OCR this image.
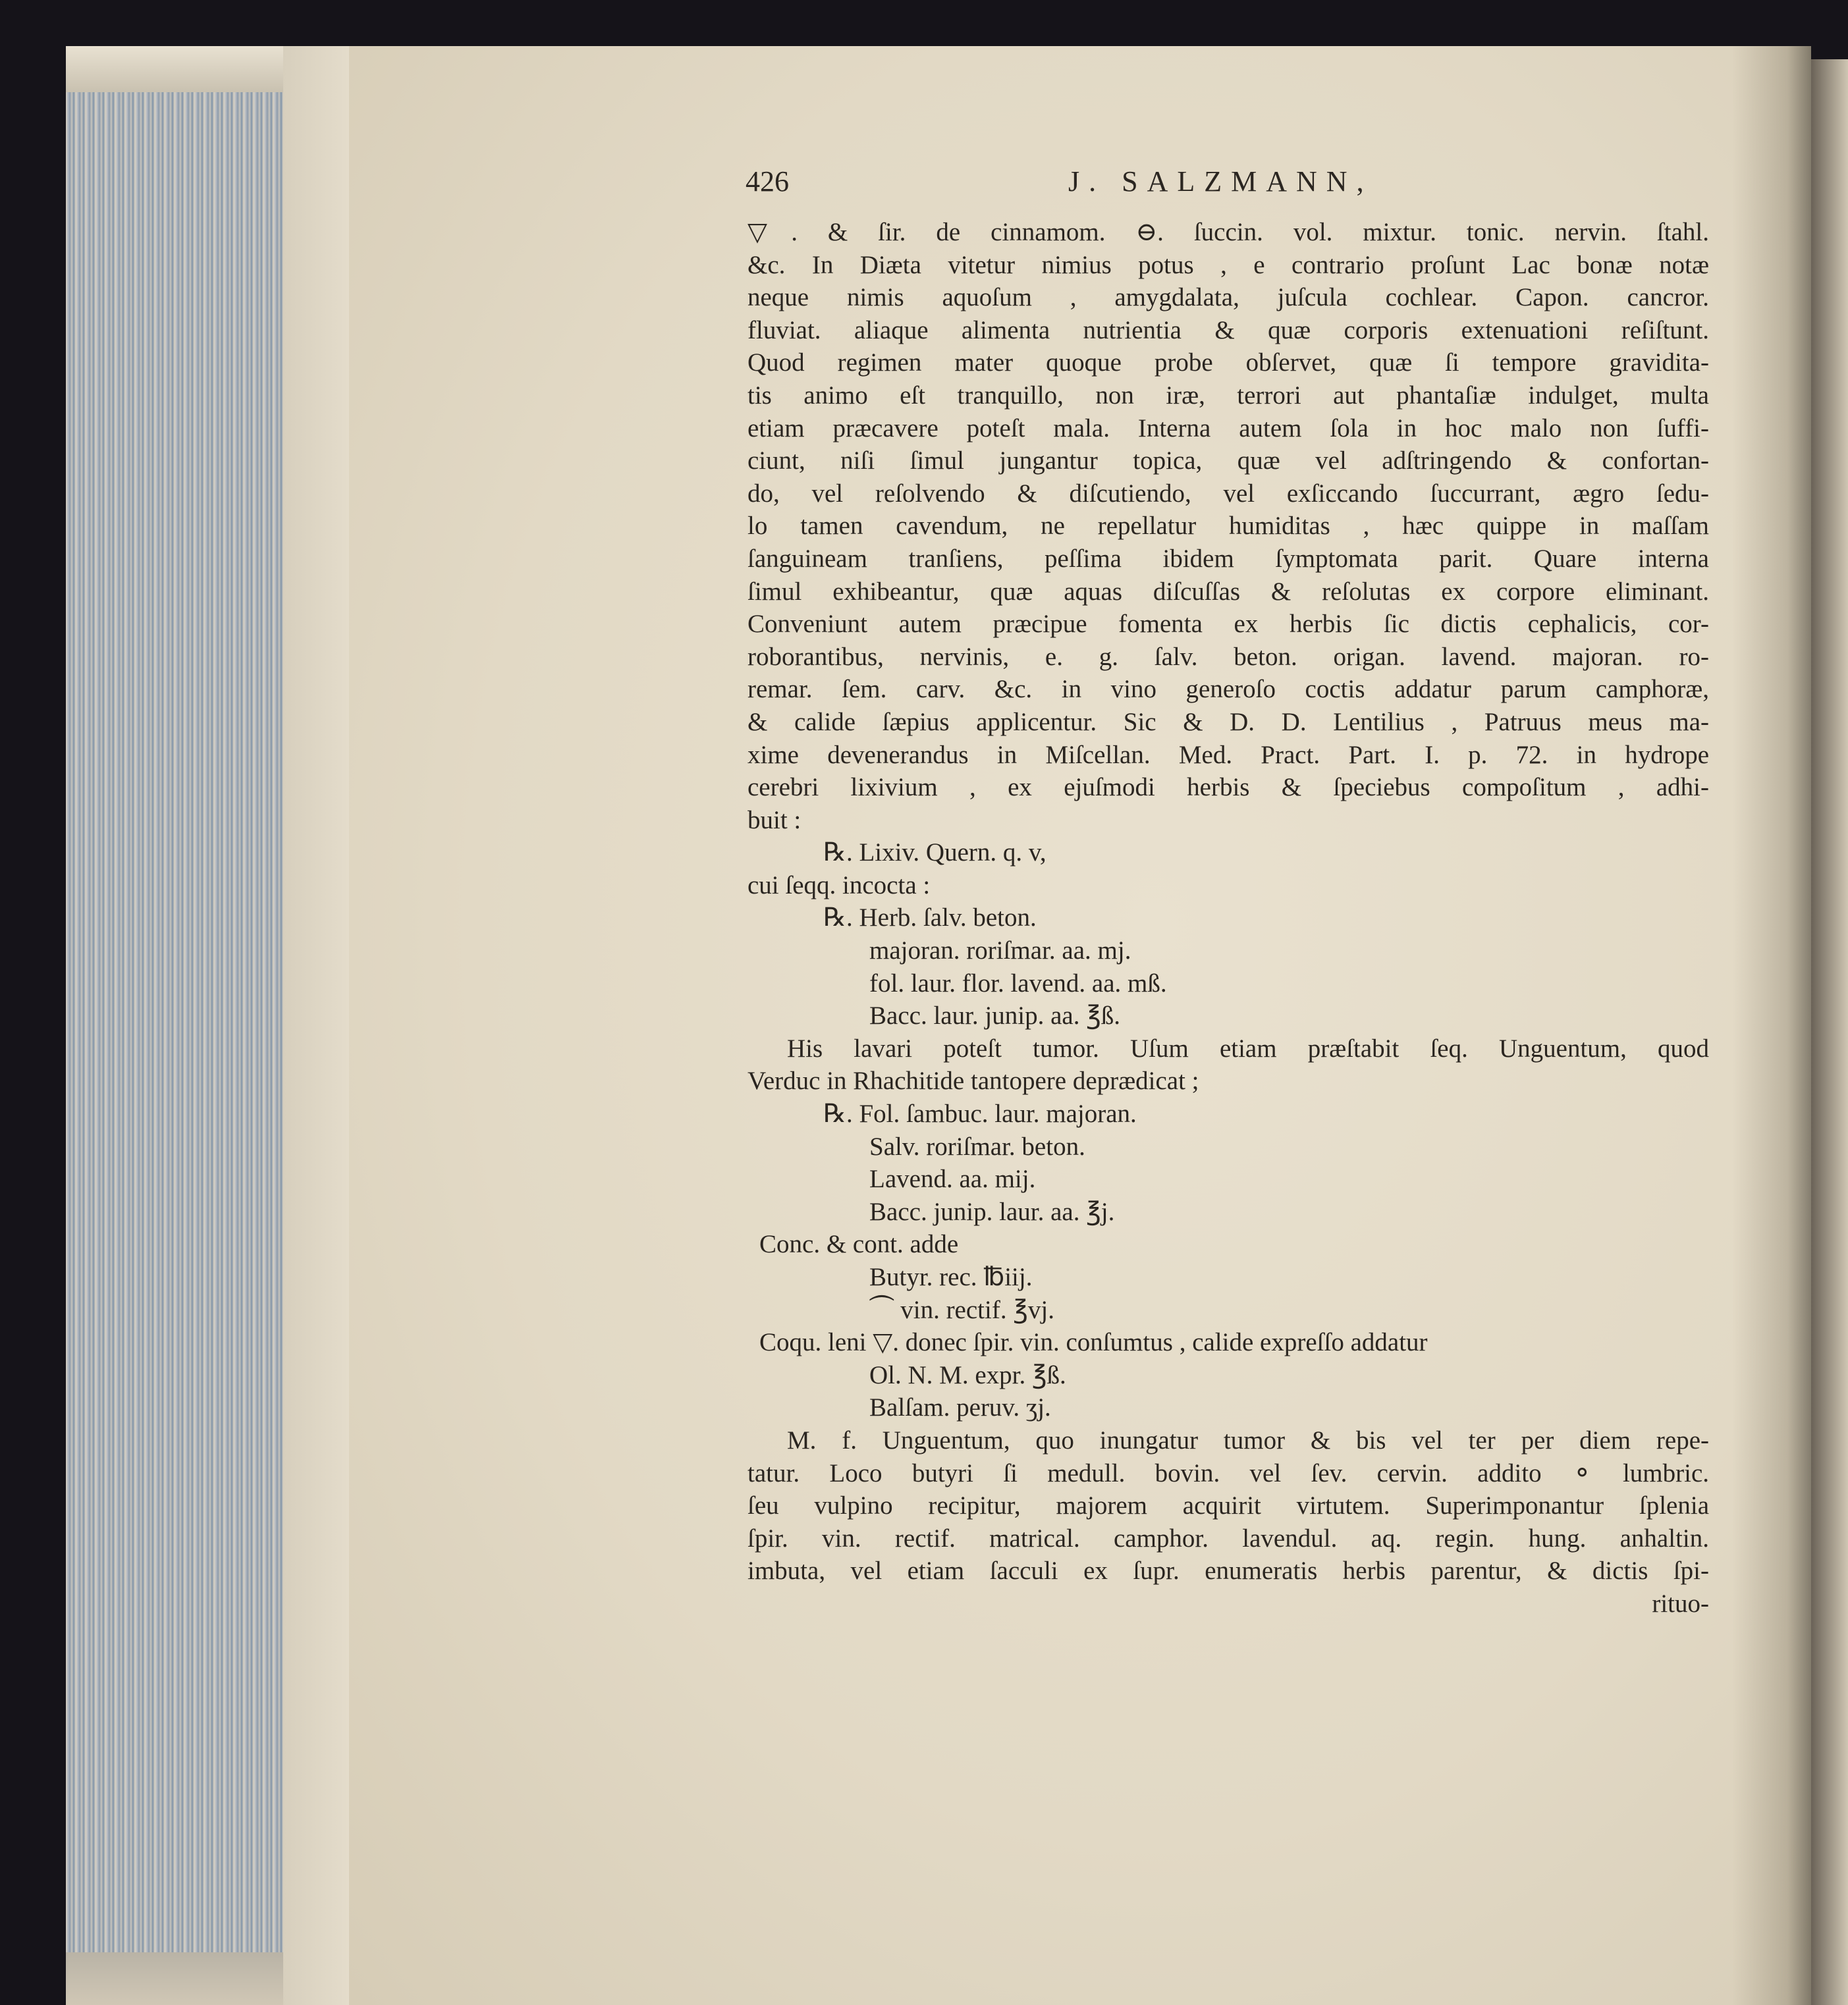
426	J. SALZMANN,
▽. & ſir. de cinnamom. ⊖. ſuccin. vol. mixtur. tonic. nervin. ſtahl.
&c. In Diæta vitetur nimius potus , e contrario proſunt Lac bonæ notæ
neque nimis aquoſum , amygdalata, juſcula cochlear. Capon. cancror.
fluviat. aliaque alimenta nutrientia & quæ corporis extenuationi reſiſtunt.
Quod regimen mater quoque probe obſervet, quæ ſi tempore gravidita-
tis animo eſt tranquillo, non iræ, terrori aut phantaſiæ indulget, multa
etiam præcavere poteſt mala. Interna autem ſola in hoc malo non ſuffi-
ciunt, niſi ſimul jungantur topica, quæ vel adſtringendo & confortan-
do, vel reſolvendo & diſcutiendo, vel exſiccando ſuccurrant, ægro ſedu-
lo tamen cavendum, ne repellatur humiditas , hæc quippe in maſſam
ſanguineam tranſiens, peſſima ibidem ſymptomata parit. Quare interna
ſimul exhibeantur, quæ aquas diſcuſſas & reſolutas ex corpore eliminant.
Conveniunt autem præcipue fomenta ex herbis ſic dictis cephalicis, cor-
roborantibus, nervinis, e. g. ſalv. beton. origan. lavend. majoran. ro-
remar. ſem. carv. &c. in vino generoſo coctis addatur parum camphoræ,
& calide ſæpius applicentur. Sic & D. D. Lentilius , Patruus meus ma-
xime devenerandus in Miſcellan. Med. Pract. Part. I. p. 72. in hydrope
cerebri lixivium , ex ejuſmodi herbis & ſpeciebus compoſitum , adhi-
buit :
℞. Lixiv. Quern. q. v,
cui ſeqq. incocta :
℞. Herb. ſalv. beton.
majoran. roriſmar. aa. mj.
fol. laur. flor. lavend. aa. mß.
Bacc. laur. junip. aa. ℥ß.
His lavari poteſt tumor. Uſum etiam præſtabit ſeq. Unguentum, quod
Verduc in Rhachitide tantopere deprædicat ;
℞. Fol. ſambuc. laur. majoran.
Salv. roriſmar. beton.
Lavend. aa. mij.
Bacc. junip. laur. aa. ℥j.
Conc. & cont. adde
Butyr. rec. ℔iij.
⏜ vin. rectif. ℥vj.
Coqu. leni ▽. donec ſpir. vin. conſumtus , calide expreſſo addatur
Ol. N. M. expr. ℥ß.
Balſam. peruv. ʒj.
M. f. Unguentum, quo inungatur tumor & bis vel ter per diem repe-
tatur. Loco butyri ſi medull. bovin. vel ſev. cervin. addito ⚬ lumbric.
ſeu vulpino recipitur, majorem acquirit virtutem. Superimponantur ſplenia
ſpir. vin. rectif. matrical. camphor. lavendul. aq. regin. hung. anhaltin.
imbuta, vel etiam ſacculi ex ſupr. enumeratis herbis parentur, & dictis ſpi-
rituo-
